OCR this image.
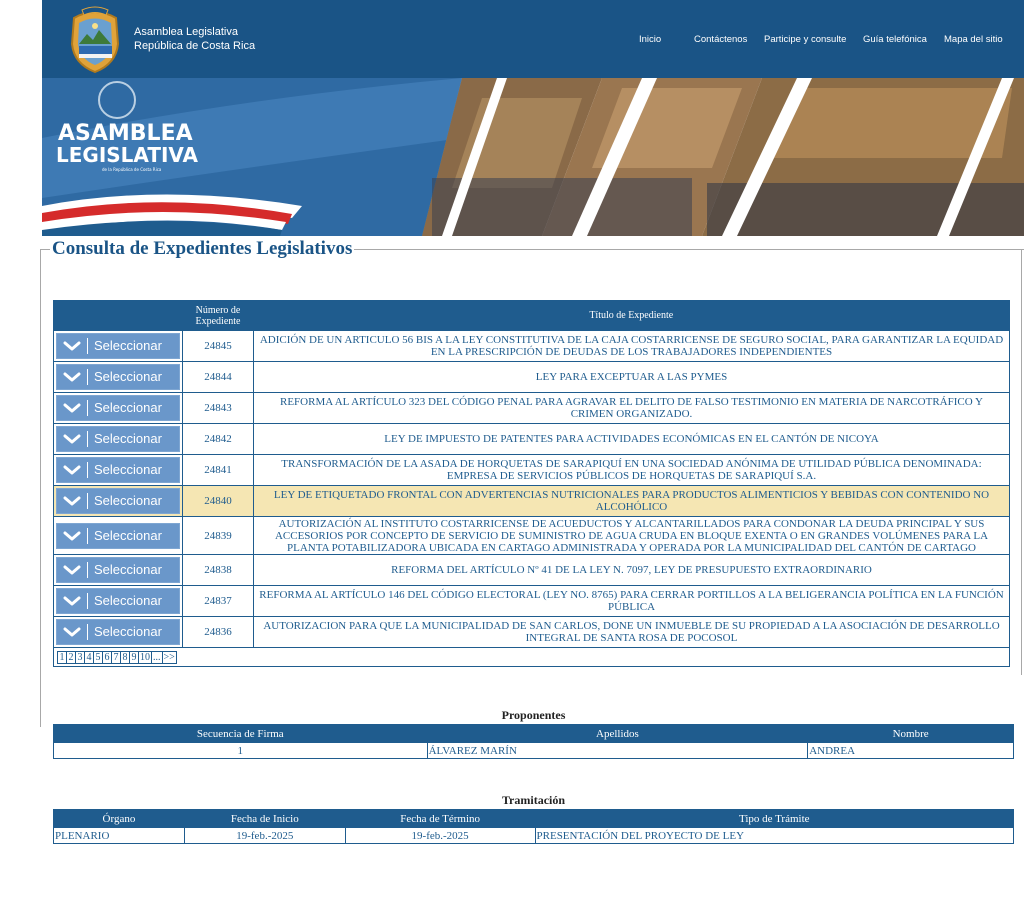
Asamblea Legislativa
República de Costa Rica
Inicio	Contáctenos Participe y consulte Guía telefónica Mapa del sitio
ASAMBLEA
LEGISLATIVA
de la República de Costa Rica
Consulta de Expedientes Legislativos
	Número de Expediente	Título de Expediente

Seleccionar	24845	ADICIÓN DE UN ARTICULO 56 BIS A LA LEY CONSTITUTIVA DE LA CAJA COSTARRICENSE DE SEGURO SOCIAL, PARA GARANTIZAR LA EQUIDAD EN LA PRESCRIPCIÓN DE DEUDAS DE LOS TRABAJADORES INDEPENDIENTES

Seleccionar	24844	LEY PARA EXCEPTUAR A LAS PYMES

Seleccionar	24843	REFORMA AL ARTÍCULO 323 DEL CÓDIGO PENAL PARA AGRAVAR EL DELITO DE FALSO TESTIMONIO EN MATERIA DE NARCOTRÁFICO Y CRIMEN ORGANIZADO.

Seleccionar	24842	LEY DE IMPUESTO DE PATENTES PARA ACTIVIDADES ECONÓMICAS EN EL CANTÓN DE NICOYA

Seleccionar	24841	TRANSFORMACIÓN DE LA ASADA DE HORQUETAS DE SARAPIQUÍ EN UNA SOCIEDAD ANÓNIMA DE UTILIDAD PÚBLICA DENOMINADA: EMPRESA DE SERVICIOS PÚBLICOS DE HORQUETAS DE SARAPIQUÍ S.A.

Seleccionar	24840	LEY DE ETIQUETADO FRONTAL CON ADVERTENCIAS NUTRICIONALES PARA PRODUCTOS ALIMENTICIOS Y BEBIDAS CON CONTENIDO NO ALCOHÓLICO

Seleccionar	24839	AUTORIZACIÓN AL INSTITUTO COSTARRICENSE DE ACUEDUCTOS Y ALCANTARILLADOS PARA CONDONAR LA DEUDA PRINCIPAL Y SUS ACCESORIOS POR CONCEPTO DE SERVICIO DE SUMINISTRO DE AGUA CRUDA EN BLOQUE EXENTA O EN GRANDES VOLÚMENES PARA LA PLANTA POTABILIZADORA UBICADA EN CARTAGO ADMINISTRADA Y OPERADA POR LA MUNICIPALIDAD DEL CANTÓN DE CARTAGO

Seleccionar	24838	REFORMA DEL ARTÍCULO Nº 41 DE LA LEY N. 7097, LEY DE PRESUPUESTO EXTRAORDINARIO

Seleccionar	24837	REFORMA AL ARTÍCULO 146 DEL CÓDIGO ELECTORAL (LEY NO. 8765) PARA CERRAR PORTILLOS A LA BELIGERANCIA POLÍTICA EN LA FUNCIÓN PÚBLICA

Seleccionar	24836	AUTORIZACION PARA QUE LA MUNICIPALIDAD DE SAN CARLOS, DONE UN INMUEBLE DE SU PROPIEDAD A LA ASOCIACIÓN DE DESARROLLO INTEGRAL DE SANTA ROSA DE POCOSOL
1 2 3 4 5 6 7 8 9 10 ... >>		
Proponentes
Secuencia de Firma	Apellidos	Nombre
1	ÁLVAREZ MARÍN	ANDREA
Tramitación
Órgano	Fecha de Inicio	Fecha de Término	Tipo de Trámite
PLENARIO	19-feb.-2025	19-feb.-2025	PRESENTACIÓN DEL PROYECTO DE LEY
